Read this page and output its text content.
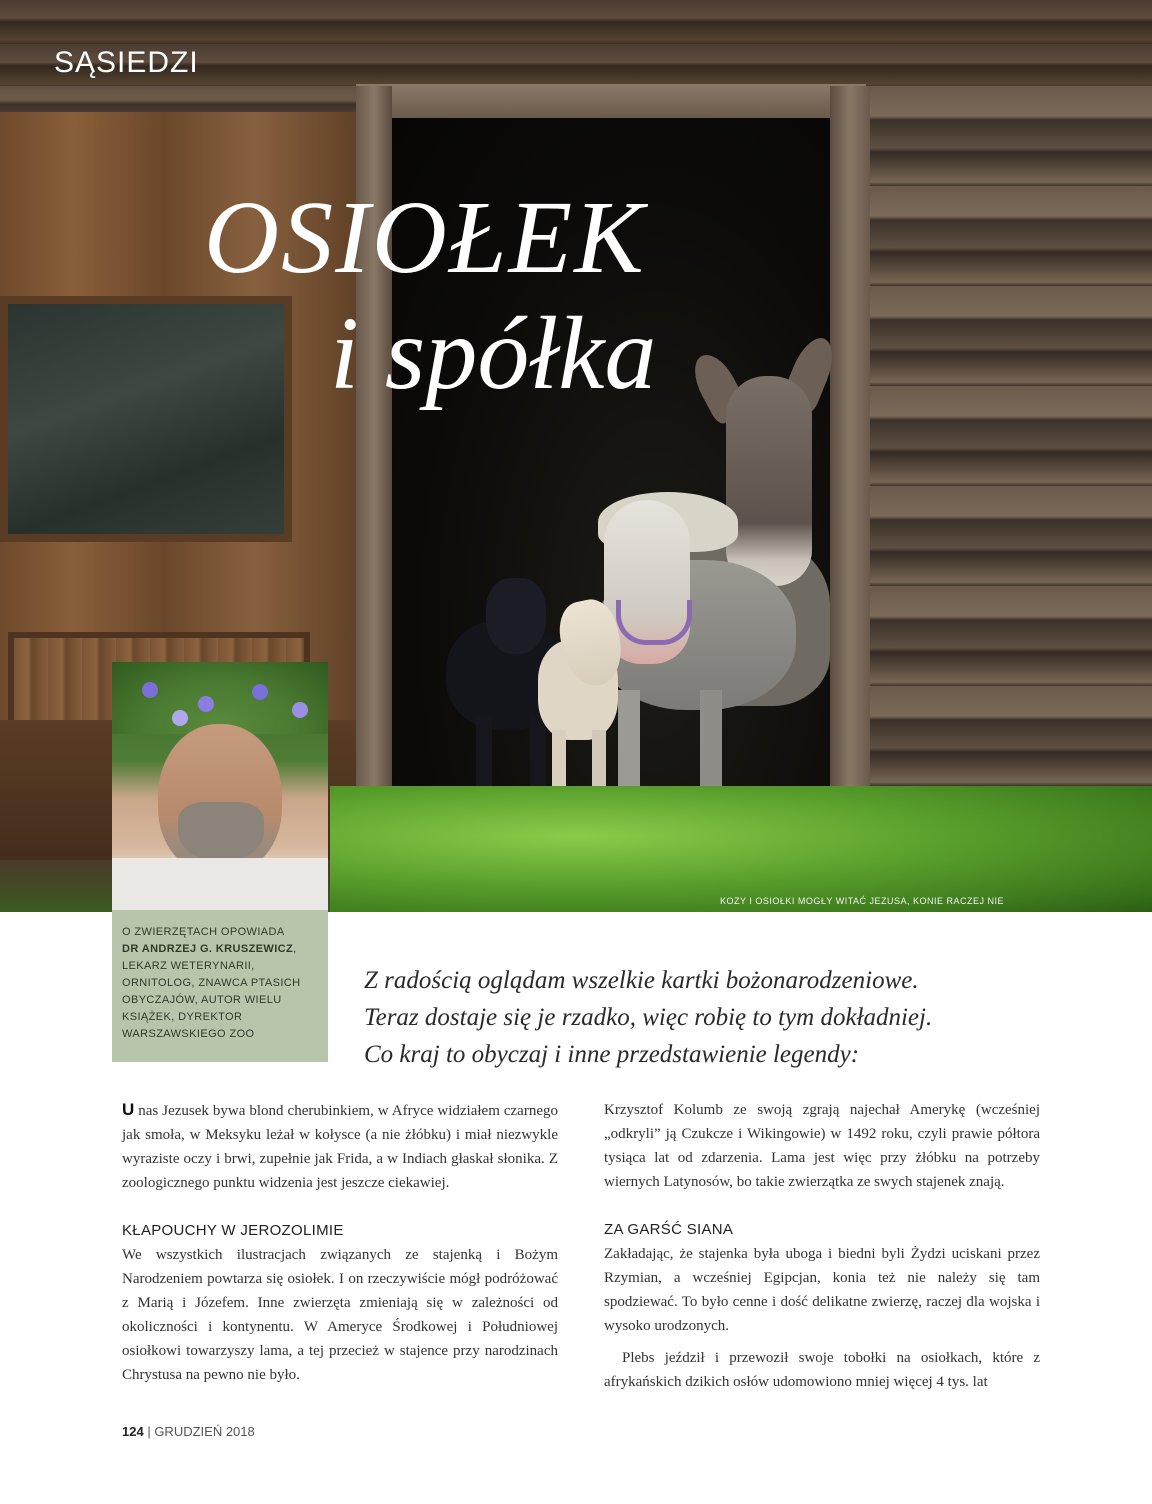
SĄSIEDZI
OSIOŁEK
i spółka
KOZY I OSIOŁKI MOGŁY WITAĆ JEZUSA, KONIE RACZEJ NIE
O ZWIERZĘTACH OPOWIADA
DR ANDRZEJ G. KRUSZEWICZ, LEKARZ WETERYNARII, ORNITOLOG, ZNAWCA PTASICH OBYCZAJÓW, AUTOR WIELU KSIĄŻEK, DYREKTOR WARSZAWSKIEGO ZOO
Z radością oglądam wszelkie kartki bożonarodzeniowe.
Teraz dostaje się je rzadko, więc robię to tym dokładniej.
Co kraj to obyczaj i inne przedstawienie legendy:

U nas Jezusek bywa blond cherubinkiem, w Afryce widziałem czarnego jak smoła, w Meksyku leżał w kołysce (a nie żłóbku) i miał niezwykle wyraziste oczy i brwi, zupełnie jak Frida, a w Indiach głaskał słonika. Z zoologicznego punktu widzenia jest jeszcze ciekawiej.

KŁAPOUCHY W JEROZOLIMIE

We wszystkich ilustracjach związanych ze stajenką i Bożym Narodzeniem powtarza się osiołek. I on rzeczywiście mógł podróżować z Marią i Józefem. Inne zwierzęta zmieniają się w zależności od okoliczności i kontynentu. W Ameryce Środkowej i Południowej osiołkowi towarzyszy lama, a tej przecież w stajence przy narodzinach Chrystusa na pewno nie było.

Krzysztof Kolumb ze swoją zgrają najechał Amerykę (wcześniej „odkryli” ją Czukcze i Wikingowie) w 1492 roku, czyli prawie półtora tysiąca lat od zdarzenia. Lama jest więc przy żłóbku na potrzeby wiernych Latynosów, bo takie zwierzątka ze swych stajenek znają.

ZA GARŚĆ SIANA

Zakładając, że stajenka była uboga i biedni byli Żydzi uciskani przez Rzymian, a wcześniej Egipcjan, konia też nie należy się tam spodziewać. To było cenne i dość delikatne zwierzę, raczej dla wojska i wysoko urodzonych.

Plebs jeździł i przewoził swoje tobołki na osiołkach, które z afrykańskich dzikich osłów udomowiono mniej więcej 4 tys. lat

124 | GRUDZIEŃ 2018
